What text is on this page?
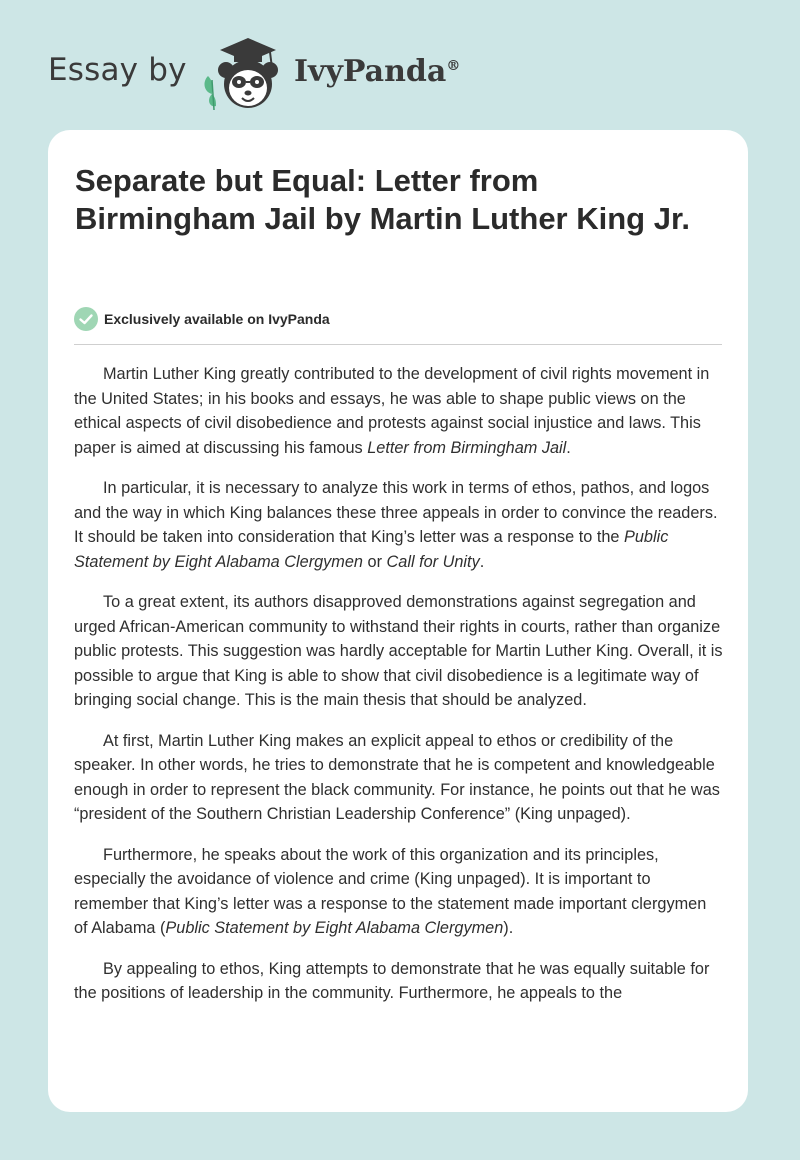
Essay by	IvyPanda®
Separate but Equal: Letter from Birmingham Jail by Martin Luther King Jr.
Exclusively available on IvyPanda

Martin Luther King greatly contributed to the development of civil rights movement in the United States; in his books and essays, he was able to shape public views on the ethical aspects of civil disobedience and protests against social injustice and laws. This paper is aimed at discussing his famous Letter from Birmingham Jail.

In particular, it is necessary to analyze this work in terms of ethos, pathos, and logos and the way in which King balances these three appeals in order to convince the readers. It should be taken into consideration that King’s letter was a response to the Public Statement by Eight Alabama Clergymen or Call for Unity.

To a great extent, its authors disapproved demonstrations against segregation and urged African-American community to withstand their rights in courts, rather than organize public protests. This suggestion was hardly acceptable for Martin Luther King. Overall, it is possible to argue that King is able to show that civil disobedience is a legitimate way of bringing social change. This is the main thesis that should be analyzed.

At first, Martin Luther King makes an explicit appeal to ethos or credibility of the speaker. In other words, he tries to demonstrate that he is competent and knowledgeable enough in order to represent the black community. For instance, he points out that he was “president of the Southern Christian Leadership Conference” (King unpaged).

Furthermore, he speaks about the work of this organization and its principles, especially the avoidance of violence and crime (King unpaged). It is important to remember that King’s letter was a response to the statement made important clergymen of Alabama (Public Statement by Eight Alabama Clergymen).

By appealing to ethos, King attempts to demonstrate that he was equally suitable for the positions of leadership in the community. Furthermore, he appeals to the
